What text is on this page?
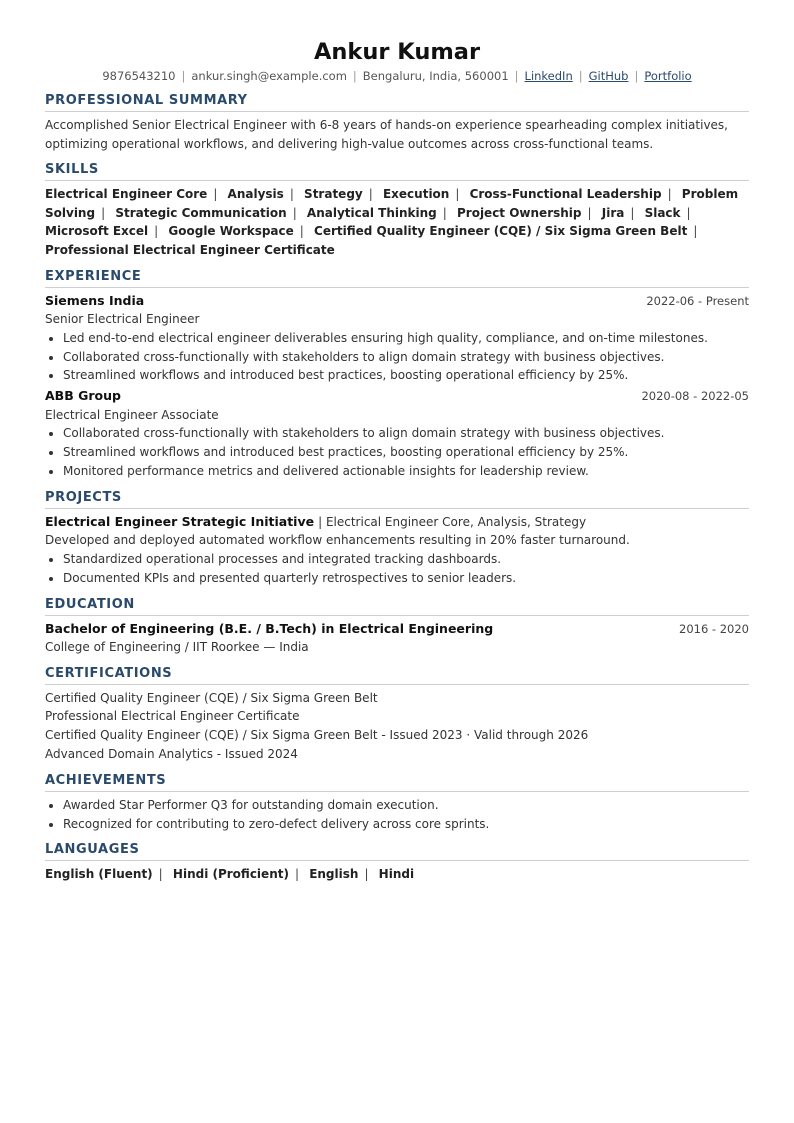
Ankur Kumar
9876543210 | ankur.singh@example.com | Bengaluru, India, 560001 | LinkedIn | GitHub | Portfolio
PROFESSIONAL SUMMARY
Accomplished Senior Electrical Engineer with 6-8 years of hands-on experience spearheading complex initiatives, optimizing operational workflows, and delivering high-value outcomes across cross-functional teams.
SKILLS
Electrical Engineer Core | Analysis | Strategy | Execution | Cross-Functional Leadership | Problem Solving | Strategic Communication | Analytical Thinking | Project Ownership | Jira | Slack | Microsoft Excel | Google Workspace | Certified Quality Engineer (CQE) / Six Sigma Green Belt | Professional Electrical Engineer Certificate
EXPERIENCE
Siemens India	2022-06 - Present
Senior Electrical Engineer
• Led end-to-end electrical engineer deliverables ensuring high quality, compliance, and on-time milestones.
• Collaborated cross-functionally with stakeholders to align domain strategy with business objectives.
• Streamlined workflows and introduced best practices, boosting operational efficiency by 25%.
ABB Group	2020-08 - 2022-05
Electrical Engineer Associate
• Collaborated cross-functionally with stakeholders to align domain strategy with business objectives.
• Streamlined workflows and introduced best practices, boosting operational efficiency by 25%.
• Monitored performance metrics and delivered actionable insights for leadership review.
PROJECTS
Electrical Engineer Strategic Initiative | Electrical Engineer Core, Analysis, Strategy
Developed and deployed automated workflow enhancements resulting in 20% faster turnaround.
• Standardized operational processes and integrated tracking dashboards.
• Documented KPIs and presented quarterly retrospectives to senior leaders.
EDUCATION
Bachelor of Engineering (B.E. / B.Tech) in Electrical Engineering	2016 - 2020
College of Engineering / IIT Roorkee — India
CERTIFICATIONS
Certified Quality Engineer (CQE) / Six Sigma Green Belt
Professional Electrical Engineer Certificate
Certified Quality Engineer (CQE) / Six Sigma Green Belt - Issued 2023 · Valid through 2026
Advanced Domain Analytics - Issued 2024
ACHIEVEMENTS
• Awarded Star Performer Q3 for outstanding domain execution.
• Recognized for contributing to zero-defect delivery across core sprints.
LANGUAGES
English (Fluent) | Hindi (Proficient) | English | Hindi
